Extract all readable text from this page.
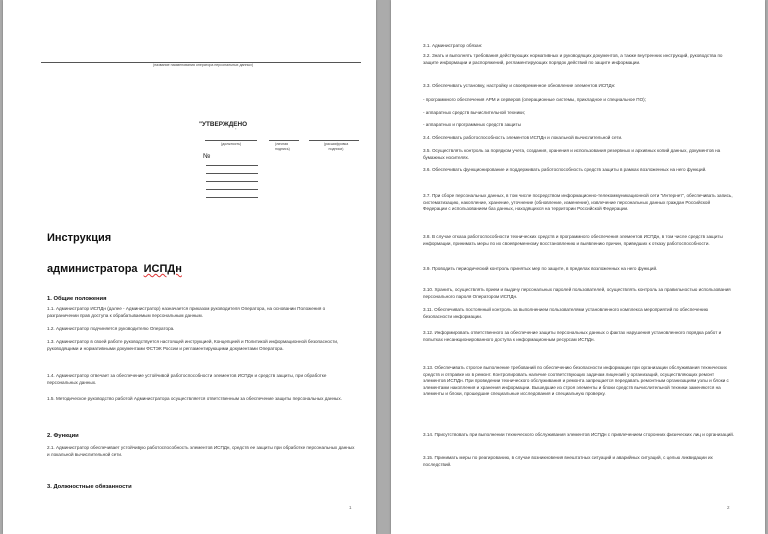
(название наименования оператора персональных данных)
"УТВЕРЖДЕНО
"
(должность)	(личная подпись)
(расшифровка подписи)
№
Инструкция
администратора ИСПДн
1. Общие положения
1.1. Администратор ИСПДн (далее - Администратор) назначается приказом руководителя Оператора, на основании Положения о разграничении прав доступа к обрабатываемым персональным данным.
1.2. Администратор подчиняется руководителю Оператора.
1.3. Администратор в своей работе руководствуется настоящей инструкцией, Концепцией и Политикой информационной безопасности, руководящими и нормативными документами ФСТЭК России и регламентирующими документами Оператора.
1.4. Администратор отвечает за обеспечение устойчивой работоспособности элементов ИСПДн и средств защиты, при обработке персональных данных.
1.5. Методическое руководство работой Администратора осуществляется ответственным за обеспечение защиты персональных данных.
2. Функции
2.1. Администратор обеспечивает устойчивую работоспособность элементов ИСПДн, средств ее защиты при обработке персональных данных и локальной вычислительной сети.
3. Должностные обязанности
1
3.1. Администратор обязан:
3.2. Знать и выполнять требования действующих нормативных и руководящих документов, а также внутренних инструкций, руководства по защите информации и распоряжений, регламентирующих порядок действий по защите информации.
3.3. Обеспечивать установку, настройку и своевременное обновление элементов ИСПДн:
- программного обеспечения АРМ и серверов (операционные системы, прикладное и специальное ПО);
- аппаратных средств вычислительной техники;
- аппаратных и программных средств защиты
3.4. Обеспечивать работоспособность элементов ИСПДн и локальной вычислительной сети.
3.5. Осуществлять контроль за порядком учета, создания, хранения и использования резервных и архивных копий данных, документов на бумажных носителях.
3.6. Обеспечивать функционирование и поддерживать работоспособность средств защиты в рамках возложенных на него функций.
3.7. При сборе персональных данных, в том числе посредством информационно-телекоммуникационной сети "Интернет", обеспечивать запись, систематизацию, накопление, хранение, уточнение (обновление, изменение), извлечение персональных данных граждан Российской Федерации с использованием баз данных, находящихся на территории Российской Федерации.
3.8. В случае отказа работоспособности технических средств и программного обеспечения элементов ИСПДн, в том числе средств защиты информации, принимать меры по их своевременному восстановлению и выявлению причин, приведших к отказу работоспособности.
3.9. Проводить периодический контроль принятых мер по защите, в пределах возложенных на него функций.
3.10. Хранить, осуществлять прием и выдачу персональных паролей пользователей, осуществлять контроль за правильностью использования персонального пароля Оператором ИСПДн.
3.11. Обеспечивать постоянный контроль за выполнением пользователями установленного комплекса мероприятий по обеспечению безопасности информации.
3.12. Информировать ответственного за обеспечение защиты персональных данных о фактах нарушения установленного порядка работ и попытках несанкционированного доступа к информационным ресурсам ИСПДн.
3.13. Обеспечивать строгое выполнение требований по обеспечению безопасности информации при организации обслуживания технических средств и отправке их в ремонт. Контролировать наличие соответствующих задачам лицензий у организаций, осуществляющих ремонт элементов ИСПДн. При проведении технического обслуживания и ремонта запрещается передавать ремонтным организациям узлы и блоки с элементами накопления и хранения информации. Вышедшие из строя элементы и блоки средств вычислительной техники заменяются на элементы и блоки, прошедшие специальные исследования и специальную проверку.
3.14. Присутствовать при выполнении технического обслуживания элементов ИСПДн с привлечением сторонних физических лиц и организаций.
3.15. Принимать меры по реагированию, в случае возникновения внештатных ситуаций и аварийных ситуаций, с целью ликвидации их последствий.
2
